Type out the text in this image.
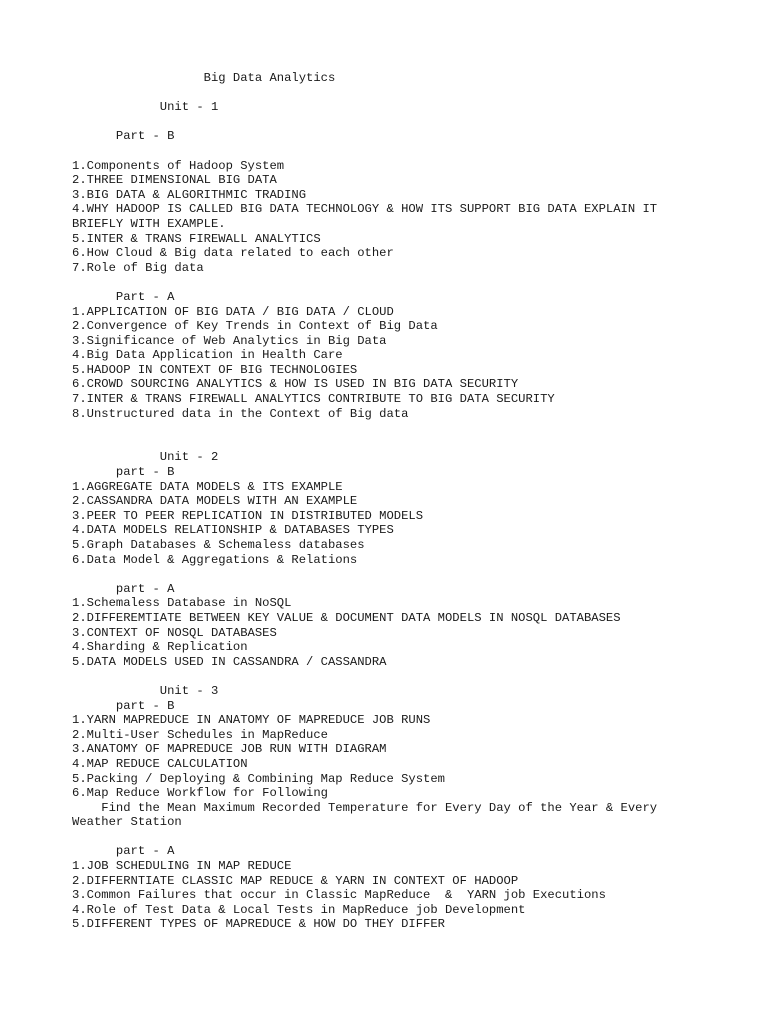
Big Data Analytics
Unit - 1
Part - B
1.Components of Hadoop System
2.THREE DIMENSIONAL BIG DATA
3.BIG DATA & ALGORITHMIC TRADING
4.WHY HADOOP IS CALLED BIG DATA TECHNOLOGY & HOW ITS SUPPORT BIG DATA EXPLAIN IT
BRIEFLY WITH EXAMPLE.
5.INTER & TRANS FIREWALL ANALYTICS
6.How Cloud & Big data related to each other
7.Role of Big data
Part - A
1.APPLICATION OF BIG DATA / BIG DATA / CLOUD
2.Convergence of Key Trends in Context of Big Data
3.Significance of Web Analytics in Big Data
4.Big Data Application in Health Care
5.HADOOP IN CONTEXT OF BIG TECHNOLOGIES
6.CROWD SOURCING ANALYTICS & HOW IS USED IN BIG DATA SECURITY
7.INTER & TRANS FIREWALL ANALYTICS CONTRIBUTE TO BIG DATA SECURITY
8.Unstructured data in the Context of Big data
Unit - 2
part - B
1.AGGREGATE DATA MODELS & ITS EXAMPLE
2.CASSANDRA DATA MODELS WITH AN EXAMPLE
3.PEER TO PEER REPLICATION IN DISTRIBUTED MODELS
4.DATA MODELS RELATIONSHIP & DATABASES TYPES
5.Graph Databases & Schemaless databases
6.Data Model & Aggregations & Relations
part - A
1.Schemaless Database in NoSQL
2.DIFFEREMTIATE BETWEEN KEY VALUE & DOCUMENT DATA MODELS IN NOSQL DATABASES
3.CONTEXT OF NOSQL DATABASES
4.Sharding & Replication
5.DATA MODELS USED IN CASSANDRA / CASSANDRA
Unit - 3
part - B
1.YARN MAPREDUCE IN ANATOMY OF MAPREDUCE JOB RUNS
2.Multi-User Schedules in MapReduce
3.ANATOMY OF MAPREDUCE JOB RUN WITH DIAGRAM
4.MAP REDUCE CALCULATION
5.Packing / Deploying & Combining Map Reduce System
6.Map Reduce Workflow for Following
Find the Mean Maximum Recorded Temperature for Every Day of the Year & Every
Weather Station
part - A
1.JOB SCHEDULING IN MAP REDUCE
2.DIFFERNTIATE CLASSIC MAP REDUCE & YARN IN CONTEXT OF HADOOP
3.Common Failures that occur in Classic MapReduce  &  YARN job Executions
4.Role of Test Data & Local Tests in MapReduce job Development
5.DIFFERENT TYPES OF MAPREDUCE & HOW DO THEY DIFFER
